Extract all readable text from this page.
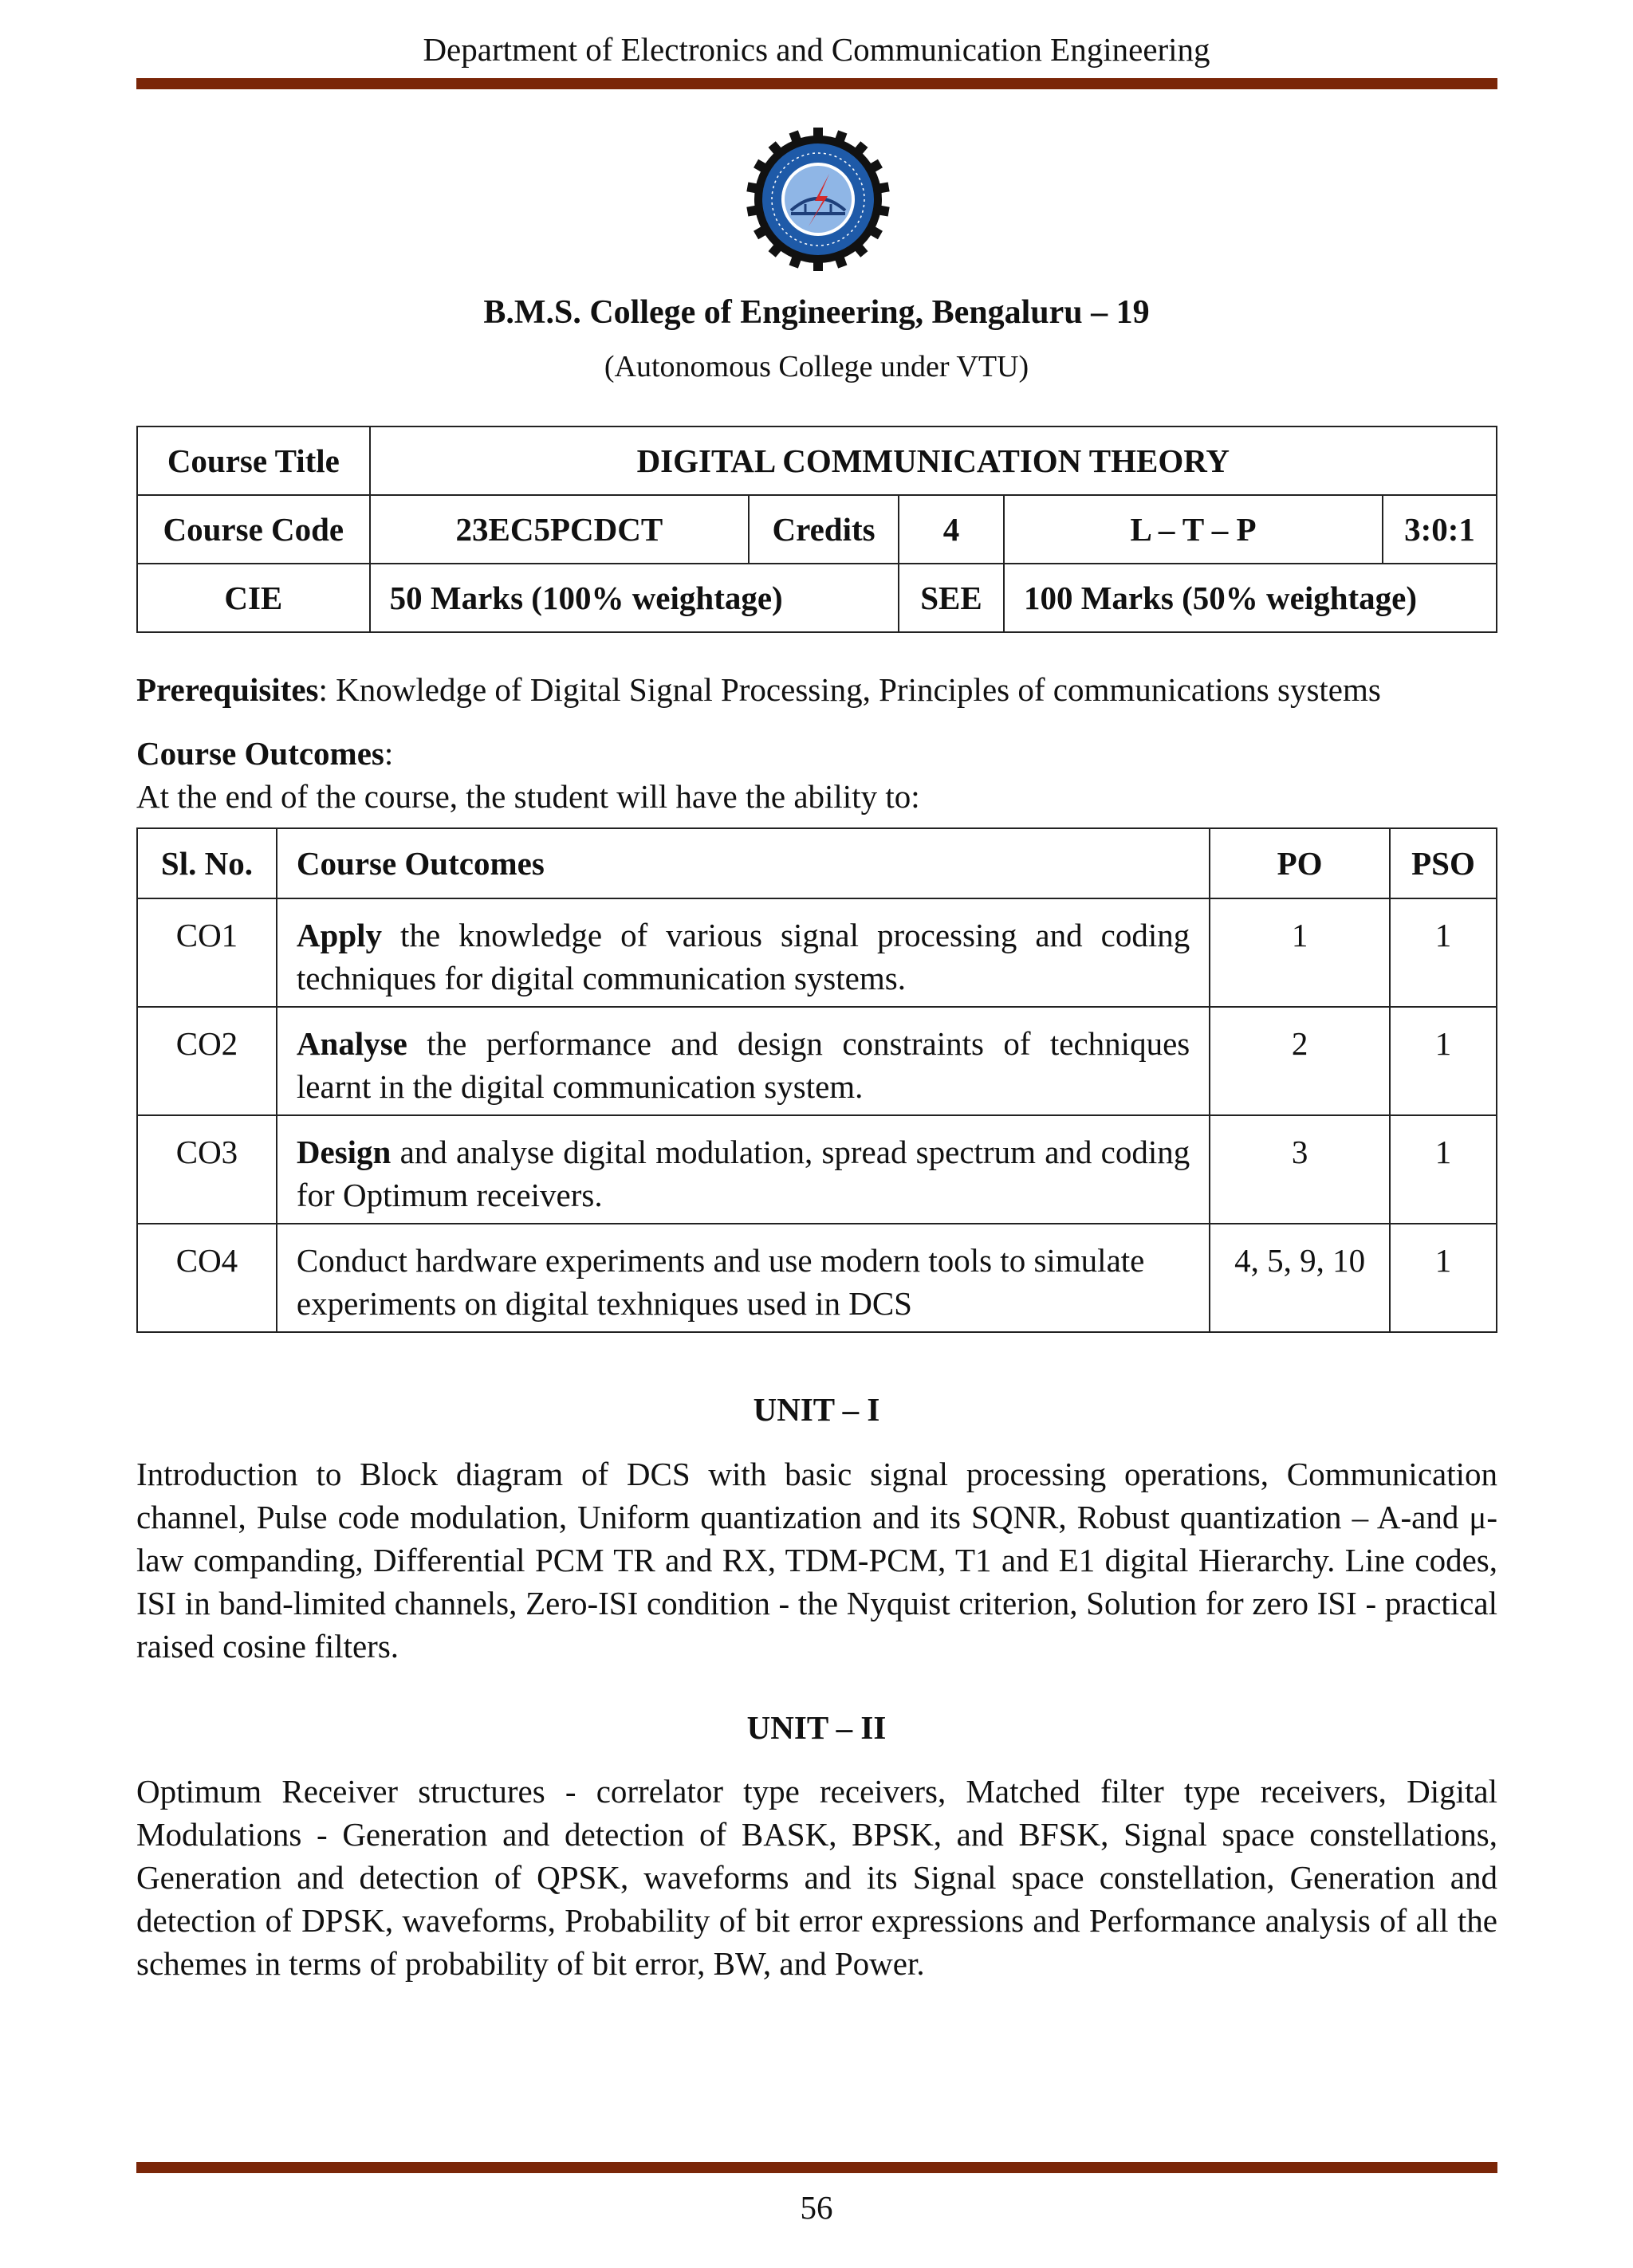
Department of Electronics and Communication Engineering
B.M.S. College of Engineering, Bengaluru – 19
(Autonomous College under VTU)
Course Title	DIGITAL COMMUNICATION THEORY				
Course Code	23EC5PCDCT	Credits	4	L – T – P	3:0:1
CIE	50 Marks (100% weightage)		SEE	100 Marks (50% weightage)	
Prerequisites: Knowledge of Digital Signal Processing, Principles of communications systems
Course Outcomes:
At the end of the course, the student will have the ability to:
Sl. No.	Course Outcomes	PO	PSO
CO1	Apply the knowledge of various signal processing and coding techniques for digital communication systems.	1	1
CO2	Analyse the performance and design constraints of techniques learnt in the digital communication system.	2	1
CO3	Design and analyse digital modulation, spread spectrum and coding for Optimum receivers.	3	1
CO4	Conduct hardware experiments and use modern tools to simulate experiments on digital texhniques used in DCS	4, 5, 9, 10	1
UNIT – I
Introduction to Block diagram of DCS with basic signal processing operations, Communication channel, Pulse code modulation, Uniform quantization and its SQNR, Robust quantization – A-and μ-law companding, Differential PCM TR and RX, TDM-PCM, T1 and E1 digital Hierarchy. Line codes, ISI in band-limited channels, Zero-ISI condition - the Nyquist criterion, Solution for zero ISI - practical raised cosine filters.
UNIT – II
Optimum Receiver structures - correlator type receivers, Matched filter type receivers, Digital Modulations - Generation and detection of BASK, BPSK, and BFSK, Signal space constellations, Generation and detection of QPSK, waveforms and its Signal space constellation, Generation and detection of DPSK, waveforms, Probability of bit error expressions and Performance analysis of all the schemes in terms of probability of bit error, BW, and Power.
56
